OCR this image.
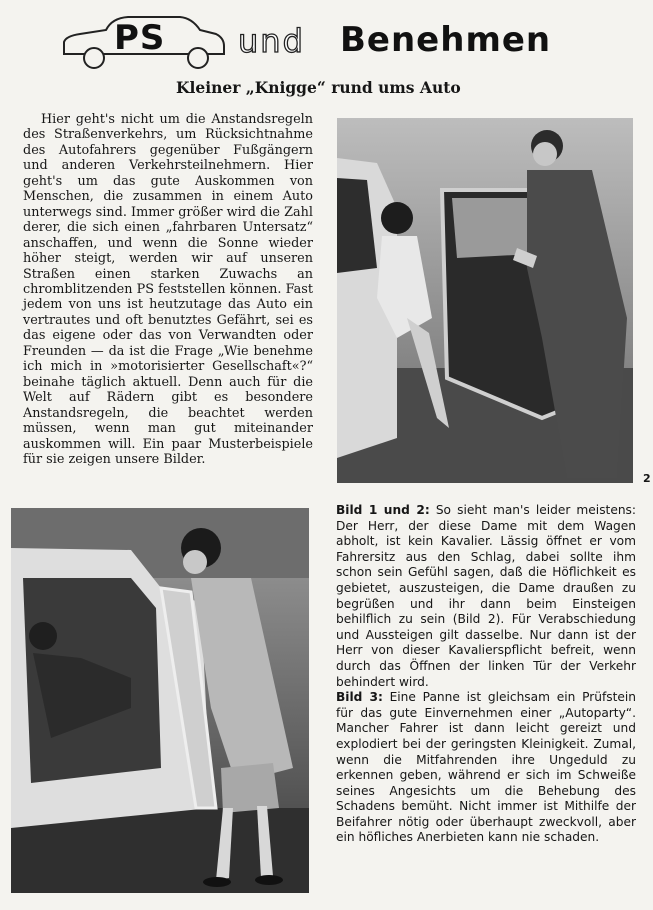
PS und Benehmen
Kleiner „Knigge“ rund ums Auto

Hier geht's nicht um die Anstandsregeln des Straßenverkehrs, um Rücksichtnahme des Autofahrers gegenüber Fußgängern und anderen Verkehrsteilnehmern. Hier geht's um das gute Auskommen von Menschen, die zusammen in einem Auto unterwegs sind. Immer größer wird die Zahl derer, die sich einen „fahrbaren Untersatz“ anschaffen, und wenn die Sonne wieder höher steigt, werden wir auf unseren Straßen einen starken Zuwachs an chromblitzenden PS feststellen können. Fast jedem von uns ist heutzutage das Auto ein vertrautes und oft benutztes Gefährt, sei es das eigene oder das von Verwandten oder Freunden — da ist die Frage „Wie benehme ich mich in »motorisierter Gesellschaft«?“ beinahe täglich aktuell. Denn auch für die Welt auf Rädern gibt es besondere Anstandsregeln, die beachtet werden müssen, wenn man gut miteinander auskommen will. Ein paar Musterbeispiele für sie zeigen unsere Bilder.

2

Bild 1 und 2: So sieht man's leider meistens: Der Herr, der diese Dame mit dem Wagen abholt, ist kein Kavalier. Lässig öffnet er vom Fahrersitz aus den Schlag, dabei sollte ihm schon sein Gefühl sagen, daß die Höflichkeit es gebietet, auszusteigen, die Dame draußen zu begrüßen und ihr dann beim Einsteigen behilflich zu sein (Bild 2). Für Verabschiedung und Aussteigen gilt dasselbe. Nur dann ist der Herr von dieser Kavalierspflicht befreit, wenn durch das Öffnen der linken Tür der Verkehr behindert wird.

Bild 3: Eine Panne ist gleichsam ein Prüfstein für das gute Einvernehmen einer „Autoparty“. Mancher Fahrer ist dann leicht gereizt und explodiert bei der geringsten Kleinigkeit. Zumal, wenn die Mitfahrenden ihre Ungeduld zu erkennen geben, während er sich im Schweiße seines Angesichts um die Behebung des Schadens bemüht. Nicht immer ist Mithilfe der Beifahrer nötig oder überhaupt zweckvoll, aber ein höfliches Anerbieten kann nie schaden.
